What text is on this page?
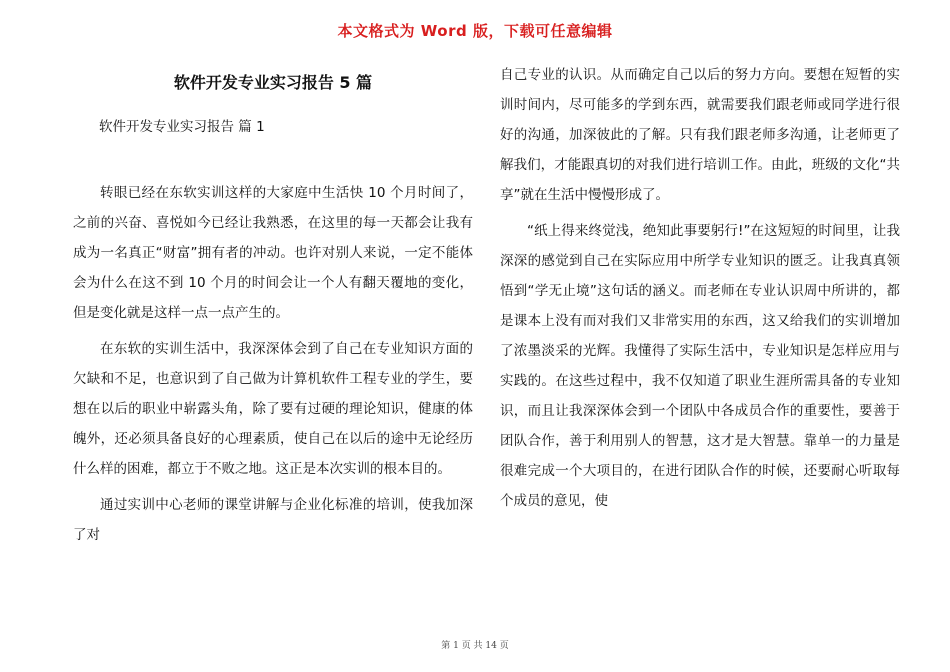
本文格式为 Word 版，下载可任意编辑
软件开发专业实习报告 5 篇
软件开发专业实习报告 篇 1

转眼已经在东软实训这样的大家庭中生活快 10 个月时间了，之前的兴奋、喜悦如今已经让我熟悉，在这里的每一天都会让我有成为一名真正“财富”拥有者的冲动。也许对别人来说，一定不能体会为什么在这不到 10 个月的时间会让一个人有翻天覆地的变化，但是变化就是这样一点一点产生的。

在东软的实训生活中，我深深体会到了自己在专业知识方面的欠缺和不足，也意识到了自己做为计算机软件工程专业的学生，要想在以后的职业中崭露头角，除了要有过硬的理论知识，健康的体魄外，还必须具备良好的心理素质，使自己在以后的途中无论经历什么样的困难，都立于不败之地。这正是本次实训的根本目的。

通过实训中心老师的课堂讲解与企业化标准的培训，使我加深了对

自己专业的认识。从而确定自己以后的努力方向。要想在短暂的实训时间内，尽可能多的学到东西，就需要我们跟老师或同学进行很好的沟通，加深彼此的了解。只有我们跟老师多沟通，让老师更了解我们，才能跟真切的对我们进行培训工作。由此，班级的文化“共享”就在生活中慢慢形成了。

“纸上得来终觉浅，绝知此事要躬行!”在这短短的时间里，让我深深的感觉到自己在实际应用中所学专业知识的匮乏。让我真真领悟到“学无止境”这句话的涵义。而老师在专业认识周中所讲的，都是课本上没有而对我们又非常实用的东西，这又给我们的实训增加了浓墨淡采的光辉。我懂得了实际生活中，专业知识是怎样应用与实践的。在这些过程中，我不仅知道了职业生涯所需具备的专业知识，而且让我深深体会到一个团队中各成员合作的重要性，要善于团队合作，善于利用别人的智慧，这才是大智慧。靠单一的力量是很难完成一个大项目的，在进行团队合作的时候，还要耐心听取每个成员的意见，使

第 1 页 共 14 页
